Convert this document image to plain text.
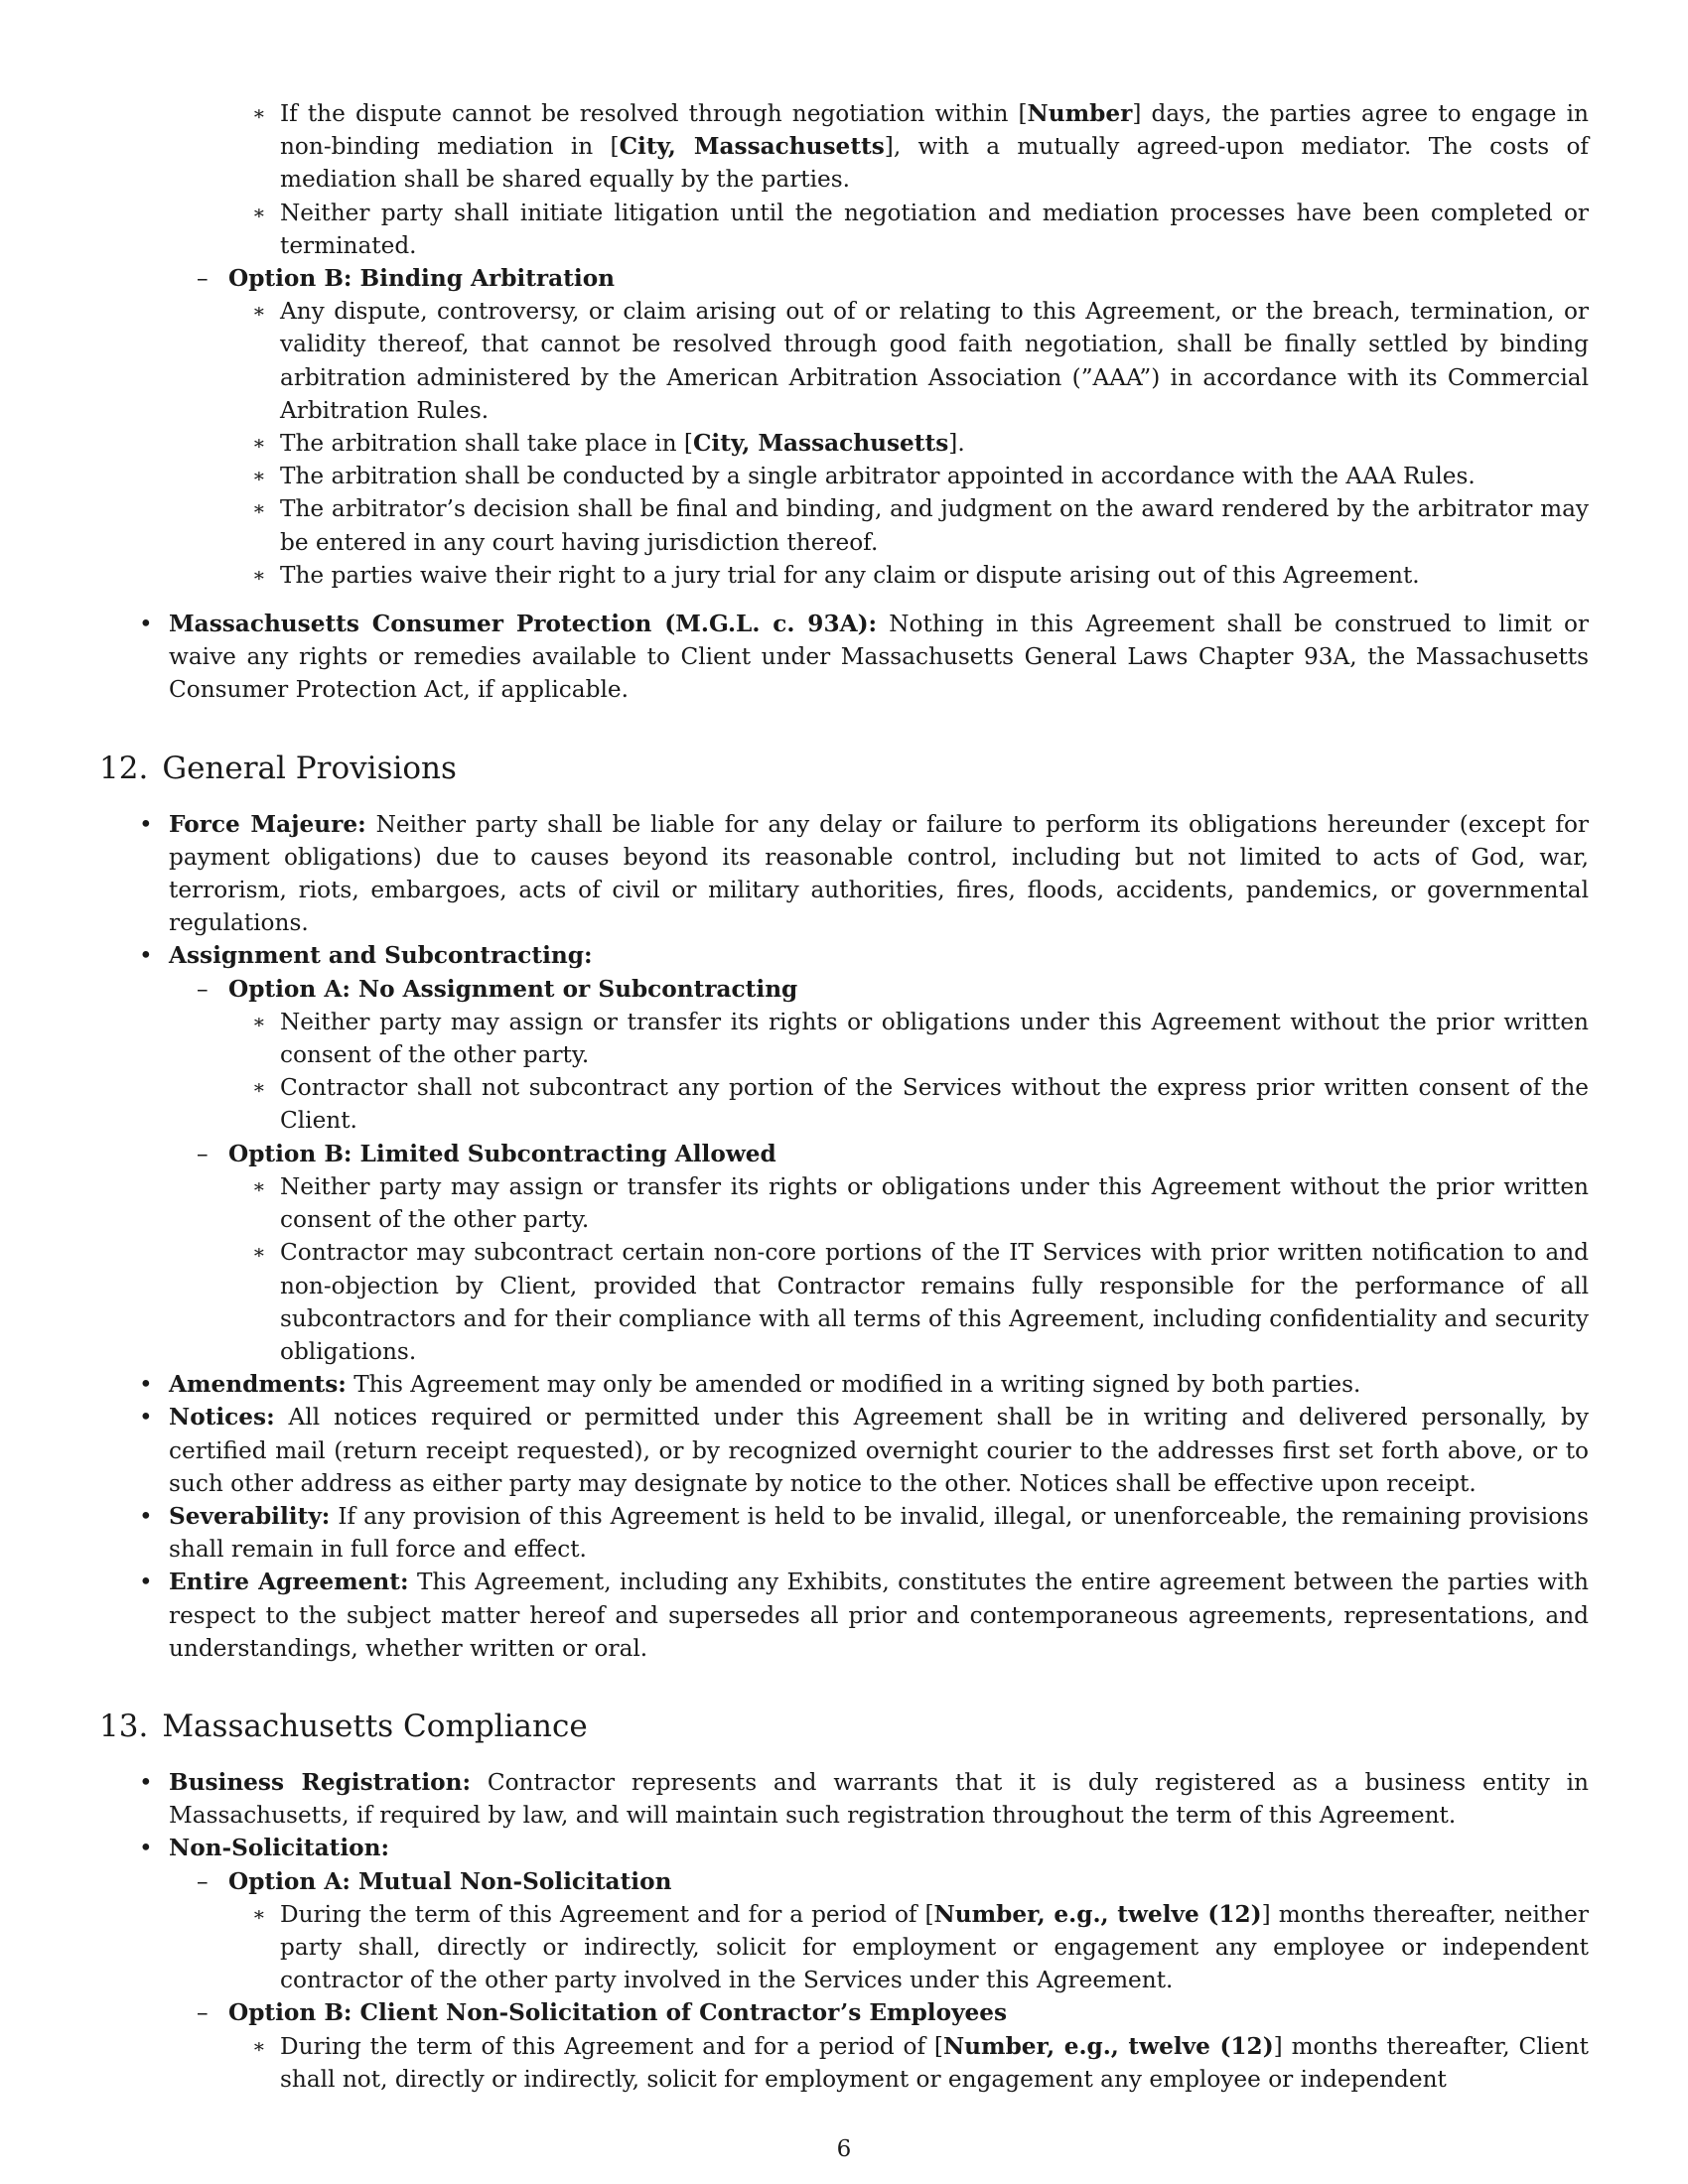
∗ If the dispute cannot be resolved through negotiation within [Number] days, the parties agree to engage in non-binding mediation in [City, Massachusetts], with a mutually agreed-upon mediator. The costs of mediation shall be shared equally by the parties.

∗ Neither party shall initiate litigation until the negotiation and mediation processes have been completed or terminated.

– Option B: Binding Arbitration

∗ Any dispute, controversy, or claim arising out of or relating to this Agreement, or the breach, termination, or validity thereof, that cannot be resolved through good faith negotiation, shall be finally settled by binding arbitration administered by the American Arbitration Association (”AAA”) in accordance with its Commercial Arbitration Rules.

∗ The arbitration shall take place in [City, Massachusetts].

∗ The arbitration shall be conducted by a single arbitrator appointed in accordance with the AAA Rules.

∗ The arbitrator’s decision shall be final and binding, and judgment on the award rendered by the arbitrator may be entered in any court having jurisdiction thereof.

∗ The parties waive their right to a jury trial for any claim or dispute arising out of this Agreement.

• Massachusetts Consumer Protection (M.G.L. c. 93A): Nothing in this Agreement shall be construed to limit or waive any rights or remedies available to Client under Massachusetts General Laws Chapter 93A, the Massachusetts Consumer Protection Act, if applicable.

12. General Provisions

• Force Majeure: Neither party shall be liable for any delay or failure to perform its obligations hereunder (except for payment obligations) due to causes beyond its reasonable control, including but not limited to acts of God, war, terrorism, riots, embargoes, acts of civil or military authorities, fires, floods, accidents, pandemics, or governmental regulations.

• Assignment and Subcontracting:

– Option A: No Assignment or Subcontracting

∗ Neither party may assign or transfer its rights or obligations under this Agreement without the prior written consent of the other party.

∗ Contractor shall not subcontract any portion of the Services without the express prior written consent of the Client.

– Option B: Limited Subcontracting Allowed

∗ Neither party may assign or transfer its rights or obligations under this Agreement without the prior written consent of the other party.

∗ Contractor may subcontract certain non-core portions of the IT Services with prior written notification to and non-objection by Client, provided that Contractor remains fully responsible for the performance of all subcontractors and for their compliance with all terms of this Agreement, including confidentiality and security obligations.

• Amendments: This Agreement may only be amended or modified in a writing signed by both parties.

• Notices: All notices required or permitted under this Agreement shall be in writing and delivered personally, by certified mail (return receipt requested), or by recognized overnight courier to the addresses first set forth above, or to such other address as either party may designate by notice to the other. Notices shall be effective upon receipt.

• Severability: If any provision of this Agreement is held to be invalid, illegal, or unenforceable, the remaining provisions shall remain in full force and effect.

• Entire Agreement: This Agreement, including any Exhibits, constitutes the entire agreement between the parties with respect to the subject matter hereof and supersedes all prior and contemporaneous agreements, representations, and understandings, whether written or oral.

13. Massachusetts Compliance

• Business Registration: Contractor represents and warrants that it is duly registered as a business entity in Massachusetts, if required by law, and will maintain such registration throughout the term of this Agreement.

• Non-Solicitation:

– Option A: Mutual Non-Solicitation

∗ During the term of this Agreement and for a period of [Number, e.g., twelve (12)] months thereafter, neither party shall, directly or indirectly, solicit for employment or engagement any employee or independent contractor of the other party involved in the Services under this Agreement.

– Option B: Client Non-Solicitation of Contractor’s Employees

∗ During the term of this Agreement and for a period of [Number, e.g., twelve (12)] months thereafter, Client shall not, directly or indirectly, solicit for employment or engagement any employee or independent

6
